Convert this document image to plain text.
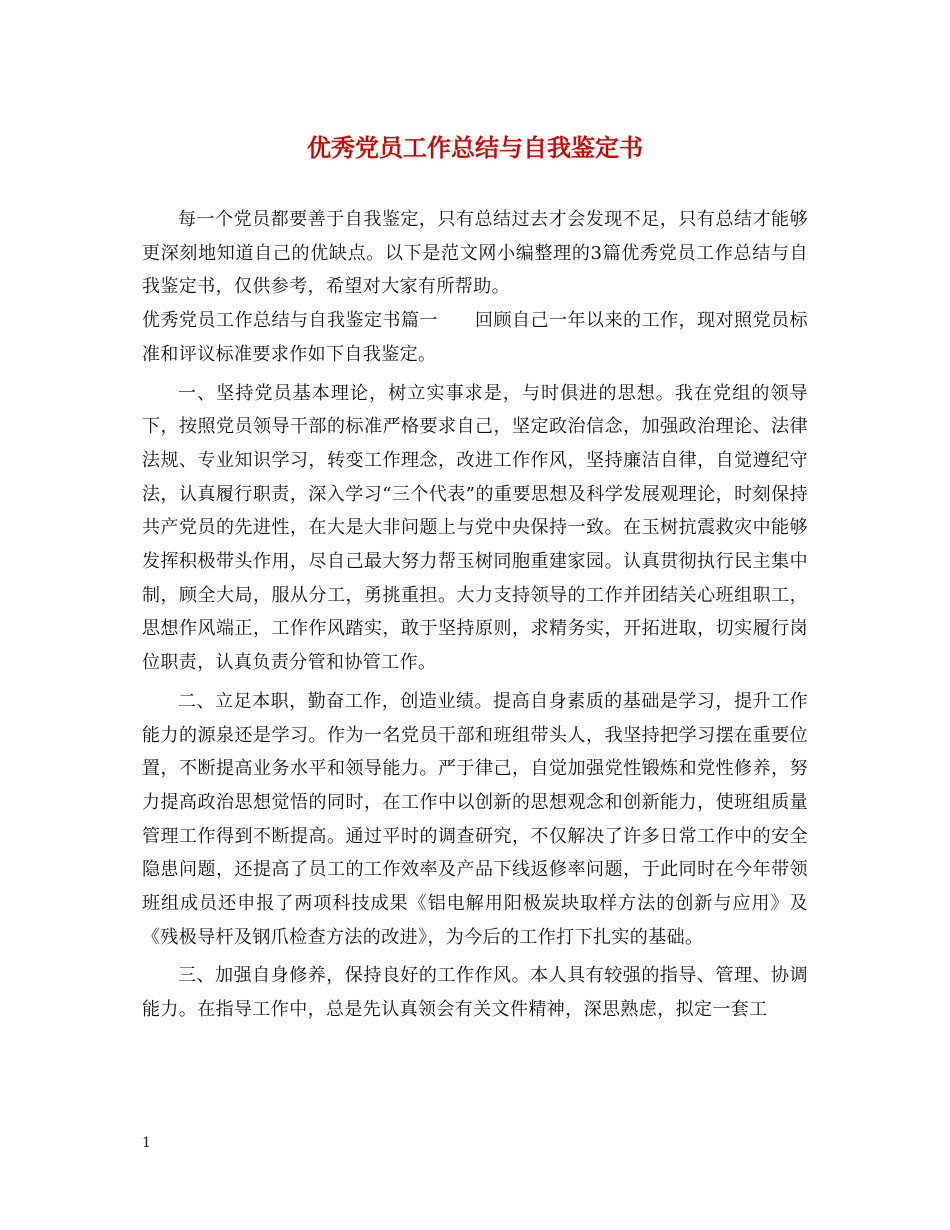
优秀党员工作总结与自我鉴定书

每一个党员都要善于自我鉴定，只有总结过去才会发现不足，只有总结才能够更深刻地知道自己的优缺点。以下是范文网小编整理的3篇优秀党员工作总结与自我鉴定书，仅供参考，希望对大家有所帮助。

优秀党员工作总结与自我鉴定书篇一　　回顾自己一年以来的工作，现对照党员标准和评议标准要求作如下自我鉴定。

一、坚持党员基本理论，树立实事求是，与时俱进的思想。我在党组的领导下，按照党员领导干部的标准严格要求自己，坚定政治信念，加强政治理论、法律法规、专业知识学习，转变工作理念，改进工作作风，坚持廉洁自律，自觉遵纪守法，认真履行职责，深入学习“三个代表”的重要思想及科学发展观理论，时刻保持共产党员的先进性，在大是大非问题上与党中央保持一致。在玉树抗震救灾中能够发挥积极带头作用，尽自己最大努力帮玉树同胞重建家园。认真贯彻执行民主集中制，顾全大局，服从分工，勇挑重担。大力支持领导的工作并团结关心班组职工，思想作风端正，工作作风踏实，敢于坚持原则，求精务实，开拓进取，切实履行岗位职责，认真负责分管和协管工作。

二、立足本职，勤奋工作，创造业绩。提高自身素质的基础是学习，提升工作能力的源泉还是学习。作为一名党员干部和班组带头人，我坚持把学习摆在重要位置，不断提高业务水平和领导能力。严于律己，自觉加强党性锻炼和党性修养，努力提高政治思想觉悟的同时，在工作中以创新的思想观念和创新能力，使班组质量管理工作得到不断提高。通过平时的调查研究，不仅解决了许多日常工作中的安全隐患问题，还提高了员工的工作效率及产品下线返修率问题，于此同时在今年带领班组成员还申报了两项科技成果《铝电解用阳极炭块取样方法的创新与应用》及《残极导杆及钢爪检查方法的改进》，为今后的工作打下扎实的基础。

三、加强自身修养，保持良好的工作作风。本人具有较强的指导、管理、协调能力。在指导工作中，总是先认真领会有关文件精神，深思熟虑，拟定一套工

1
